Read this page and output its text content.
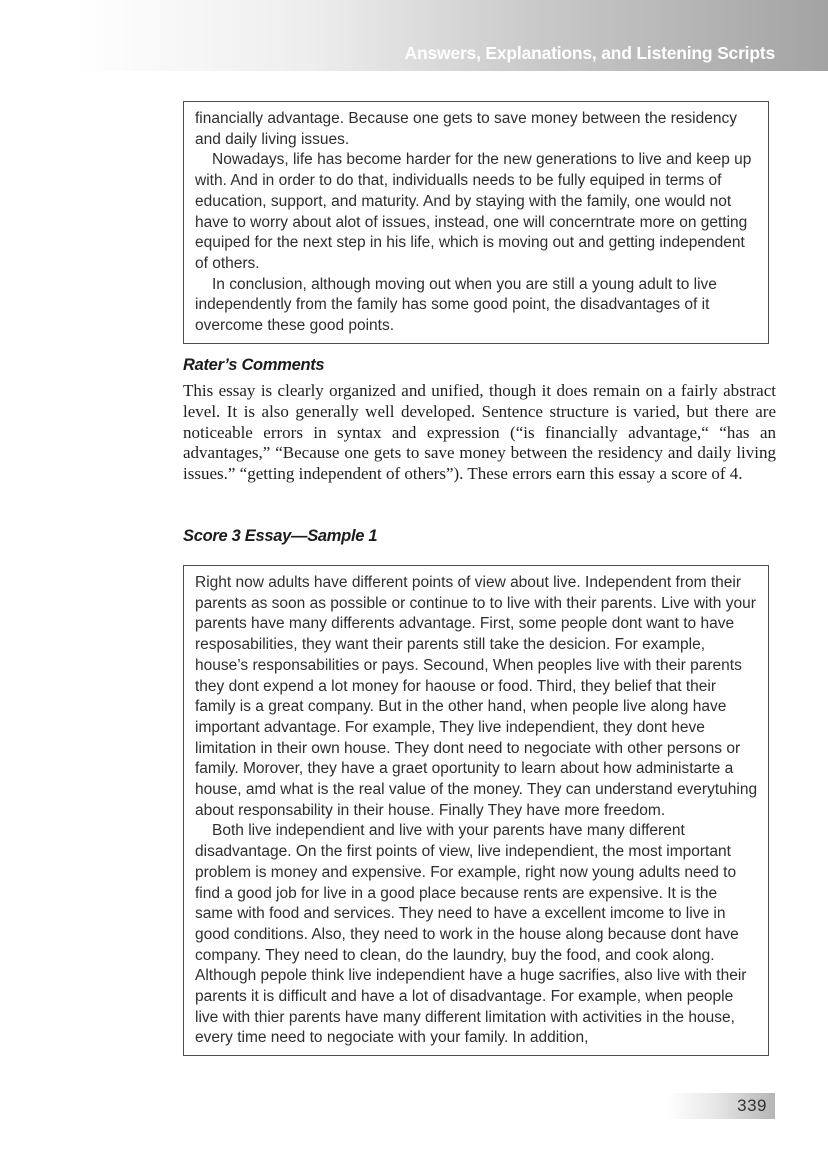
Answers, Explanations, and Listening Scripts

financially advantage. Because one gets to save money between the residency and daily living issues.

Nowadays, life has become harder for the new generations to live and keep up with. And in order to do that, individualls needs to be fully equiped in terms of education, support, and maturity. And by staying with the family, one would not have to worry about alot of issues, instead, one will concerntrate more on getting equiped for the next step in his life, which is moving out and getting independent of others.

In conclusion, although moving out when you are still a young adult to live independently from the family has some good point, the disadvantages of it overcome these good points.

Rater’s Comments

This essay is clearly organized and unified, though it does remain on a fairly abstract level. It is also generally well developed. Sentence structure is varied, but there are noticeable errors in syntax and expression (“is financially advantage,“ “has an advantages,” “Because one gets to save money between the residency and daily living issues.” “getting independent of others”). These errors earn this essay a score of 4.

Score 3 Essay—Sample 1

Right now adults have different points of view about live. Independent from their parents as soon as possible or continue to to live with their parents. Live with your parents have many differents advantage. First, some people dont want to have resposabilities, they want their parents still take the desicion. For example, house’s responsabilities or pays. Secound, When peoples live with their parents they dont expend a lot money for haouse or food. Third, they belief that their family is a great company. But in the other hand, when people live along have important advantage. For example, They live independient, they dont heve limitation in their own house. They dont need to negociate with other persons or family. Morover, they have a graet oportunity to learn about how administarte a house, amd what is the real value of the money. They can understand everytuhing about responsability in their house. Finally They have more freedom.

Both live independient and live with your parents have many different disadvantage. On the first points of view, live independient, the most important problem is money and expensive. For example, right now young adults need to find a good job for live in a good place because rents are expensive. It is the same with food and services. They need to have a excellent imcome to live in good conditions. Also, they need to work in the house along because dont have company. They need to clean, do the laundry, buy the food, and cook along. Although pepole think live independient have a huge sacrifies, also live with their parents it is difficult and have a lot of disadvantage. For example, when people live with thier parents have many different limitation with activities in the house, every time need to negociate with your family. In addition,

339
